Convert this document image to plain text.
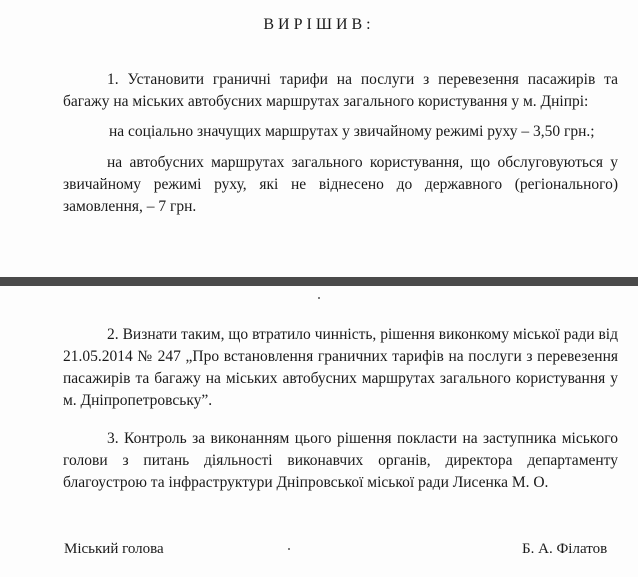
ВИРІШИВ:

1. Установити граничні тарифи на послуги з перевезення пасажирів та багажу на міських автобусних маршрутах загального користування у м. Дніпрі:

на соціально значущих маршрутах у звичайному режимі руху – 3,50 грн.;

на автобусних маршрутах загального користування, що обслуговуються у звичайному режимі руху, які не віднесено до державного (регіонального) замовлення, – 7 грн.

2. Визнати таким, що втратило чинність, рішення виконкому міської ради від 21.05.2014 № 247 „Про встановлення граничних тарифів на послуги з перевезення пасажирів та багажу на міських автобусних маршрутах загального користування у м. Дніпропетровську”.

3. Контроль за виконанням цього рішення покласти на заступника міського голови з питань діяльності виконавчих органів, директора департаменту благоустрою та інфраструктури Дніпровської міської ради Лисенка М. О.

Міський голова	Б. А. Філатов
